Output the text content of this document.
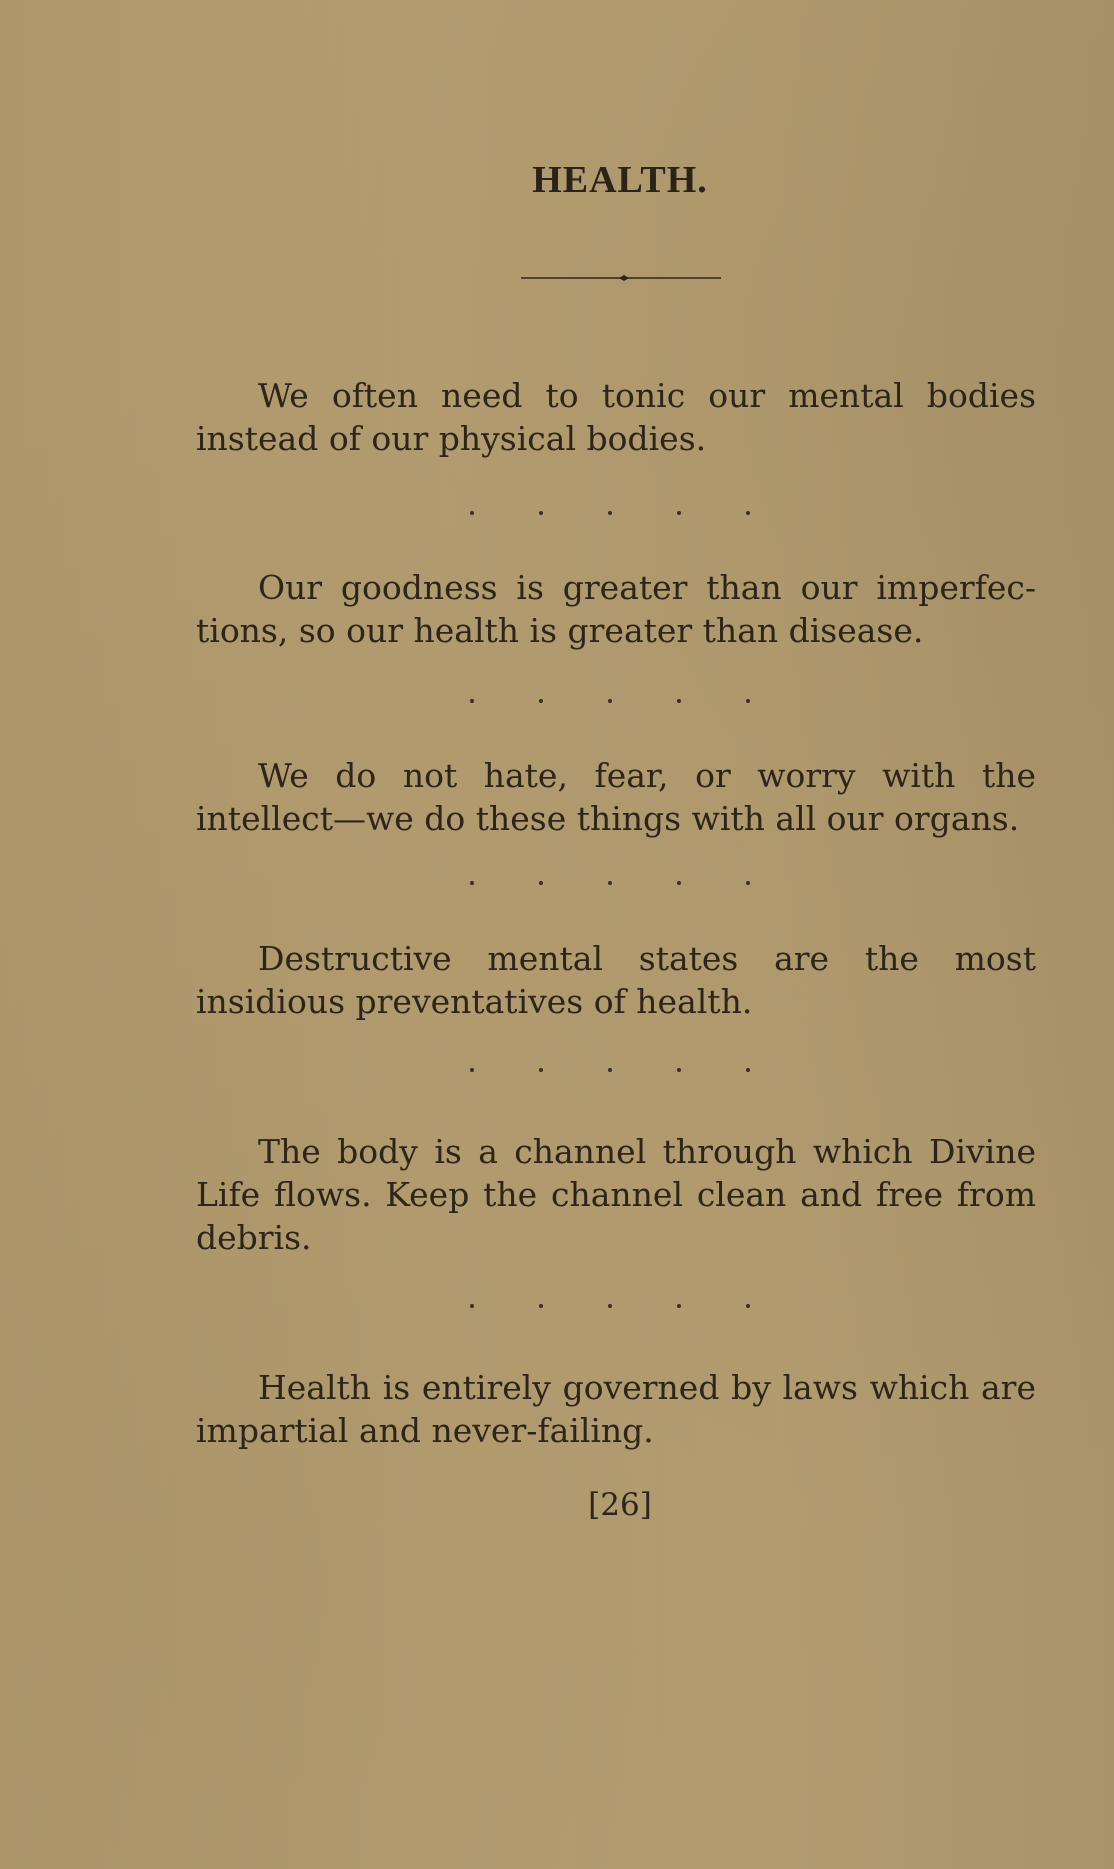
HEALTH.

We often need to tonic our mental bodies instead of our physical bodies.

Our goodness is greater than our imperfec-tions, so our health is greater than disease.

We do not hate, fear, or worry with the intellect—we do these things with all our organs.

Destructive mental states are the most insidious preventatives of health.

The body is a channel through which Divine Life flows. Keep the channel clean and free from debris.

Health is entirely governed by laws which are impartial and never-failing.

[26]
